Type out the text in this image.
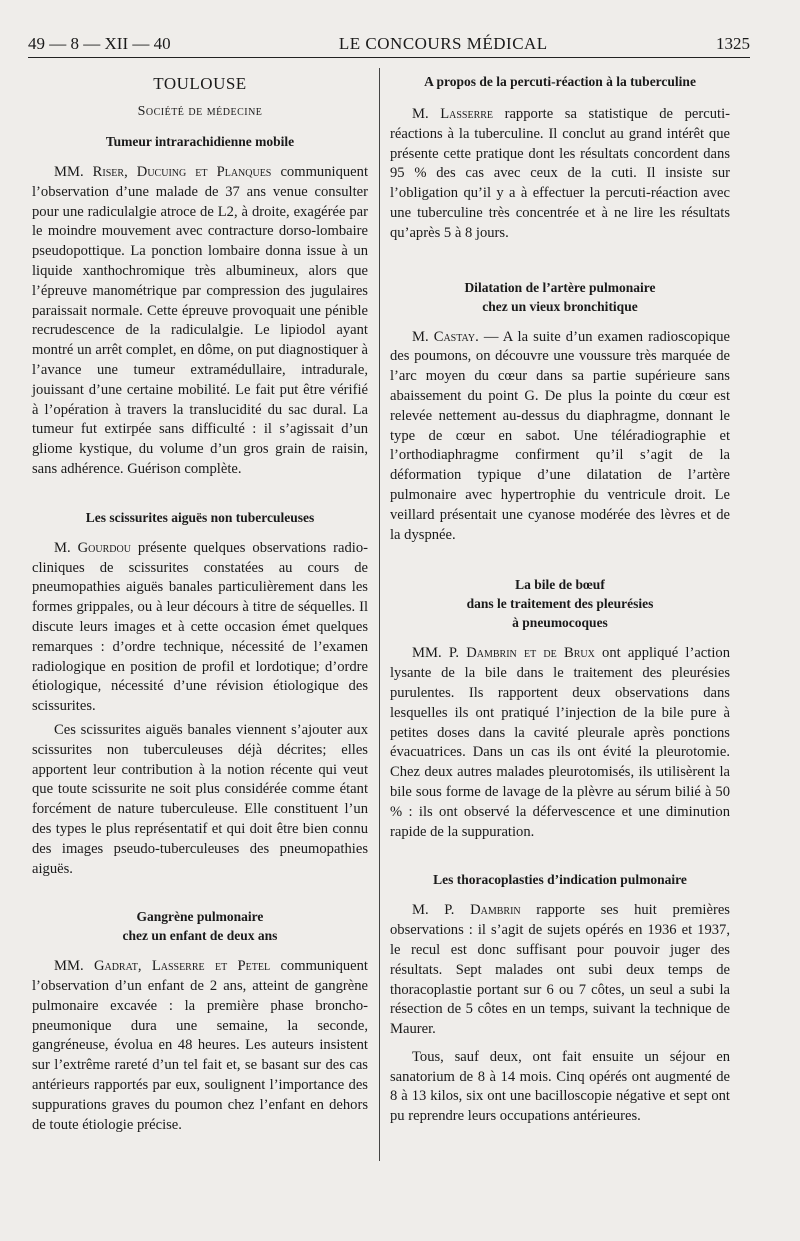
49 — 8 — XII — 40	LE CONCOURS MÉDICAL	1325
TOULOUSE
Société de médecine
Tumeur intrarachidienne mobile

MM. Riser, Ducuing et Planques communiquent l’observation d’une malade de 37 ans venue consulter pour une radiculalgie atroce de L2, à droite, exagérée par le moindre mouvement avec contracture dorso-lombaire pseudopottique. La ponction lombaire donna issue à un liquide xanthochromique très albumineux, alors que l’épreuve manométrique par compression des jugulaires paraissait normale. Cette épreuve provoquait une pénible recrudescence de la radiculalgie. Le lipiodol ayant montré un arrêt complet, en dôme, on put diagnostiquer à l’avance une tumeur extramédullaire, intradurale, jouissant d’une certaine mobilité. Le fait put être vérifié à l’opération à travers la translucidité du sac dural. La tumeur fut extirpée sans difficulté : il s’agissait d’un gliome kystique, du volume d’un gros grain de raisin, sans adhérence. Guérison complète.

Les scissurites aiguës non tuberculeuses

M. Gourdou présente quelques observations radio-cliniques de scissurites constatées au cours de pneumopathies aiguës banales particulièrement dans les formes grippales, ou à leur décours à titre de séquelles. Il discute leurs images et à cette occasion émet quelques remarques : d’ordre technique, nécessité de l’examen radiologique en position de profil et lordotique; d’ordre étiologique, nécessité d’une révision étiologique des scissurites.

Ces scissurites aiguës banales viennent s’ajouter aux scissurites non tuberculeuses déjà décrites; elles apportent leur contribution à la notion récente qui veut que toute scissurite ne soit plus considérée comme étant forcément de nature tuberculeuse. Elle constituent l’un des types le plus représentatif et qui doit être bien connu des images pseudo-tuberculeuses des pneumopathies aiguës.

Gangrène pulmonaire
chez un enfant de deux ans

MM. Gadrat, Lasserre et Petel communiquent l’observation d’un enfant de 2 ans, atteint de gangrène pulmonaire excavée : la première phase broncho-pneumonique dura une semaine, la seconde, gangréneuse, évolua en 48 heures. Les auteurs insistent sur l’extrême rareté d’un tel fait et, se basant sur des cas antérieurs rapportés par eux, soulignent l’importance des suppurations graves du poumon chez l’enfant en dehors de toute étiologie précise.

A propos de la percuti-réaction à la tuberculine

M. Lasserre rapporte sa statistique de percuti-réactions à la tuberculine. Il conclut au grand intérêt que présente cette pratique dont les résultats concordent dans 95 % des cas avec ceux de la cuti. Il insiste sur l’obligation qu’il y a à effectuer la percuti-réaction avec une tuberculine très concentrée et à ne lire les résultats qu’après 5 à 8 jours.

Dilatation de l’artère pulmonaire
chez un vieux bronchitique

M. Castay. — A la suite d’un examen radioscopique des poumons, on découvre une voussure très marquée de l’arc moyen du cœur dans sa partie supérieure sans abaissement du point G. De plus la pointe du cœur est relevée nettement au-dessus du diaphragme, donnant le type de cœur en sabot. Une téléradiographie et l’orthodiaphragme confirment qu’il s’agit de la déformation typique d’une dilatation de l’artère pulmonaire avec hypertrophie du ventricule droit. Le veillard présentait une cyanose modérée des lèvres et de la dyspnée.

La bile de bœuf
dans le traitement des pleurésies
à pneumocoques

MM. P. Dambrin et de Brux ont appliqué l’action lysante de la bile dans le traitement des pleurésies purulentes. Ils rapportent deux observations dans lesquelles ils ont pratiqué l’injection de la bile pure à petites doses dans la cavité pleurale après ponctions évacuatrices. Dans un cas ils ont évité la pleurotomie. Chez deux autres malades pleurotomisés, ils utilisèrent la bile sous forme de lavage de la plèvre au sérum bilié à 50 % : ils ont observé la défervescence et une diminution rapide de la suppuration.

Les thoracoplasties d’indication pulmonaire

M. P. Dambrin rapporte ses huit premières observations : il s’agit de sujets opérés en 1936 et 1937, le recul est donc suffisant pour pouvoir juger des résultats. Sept malades ont subi deux temps de thoracoplastie portant sur 6 ou 7 côtes, un seul a subi la résection de 5 côtes en un temps, suivant la technique de Maurer.

Tous, sauf deux, ont fait ensuite un séjour en sanatorium de 8 à 14 mois. Cinq opérés ont augmenté de 8 à 13 kilos, six ont une bacilloscopie négative et sept ont pu reprendre leurs occupations antérieures.
